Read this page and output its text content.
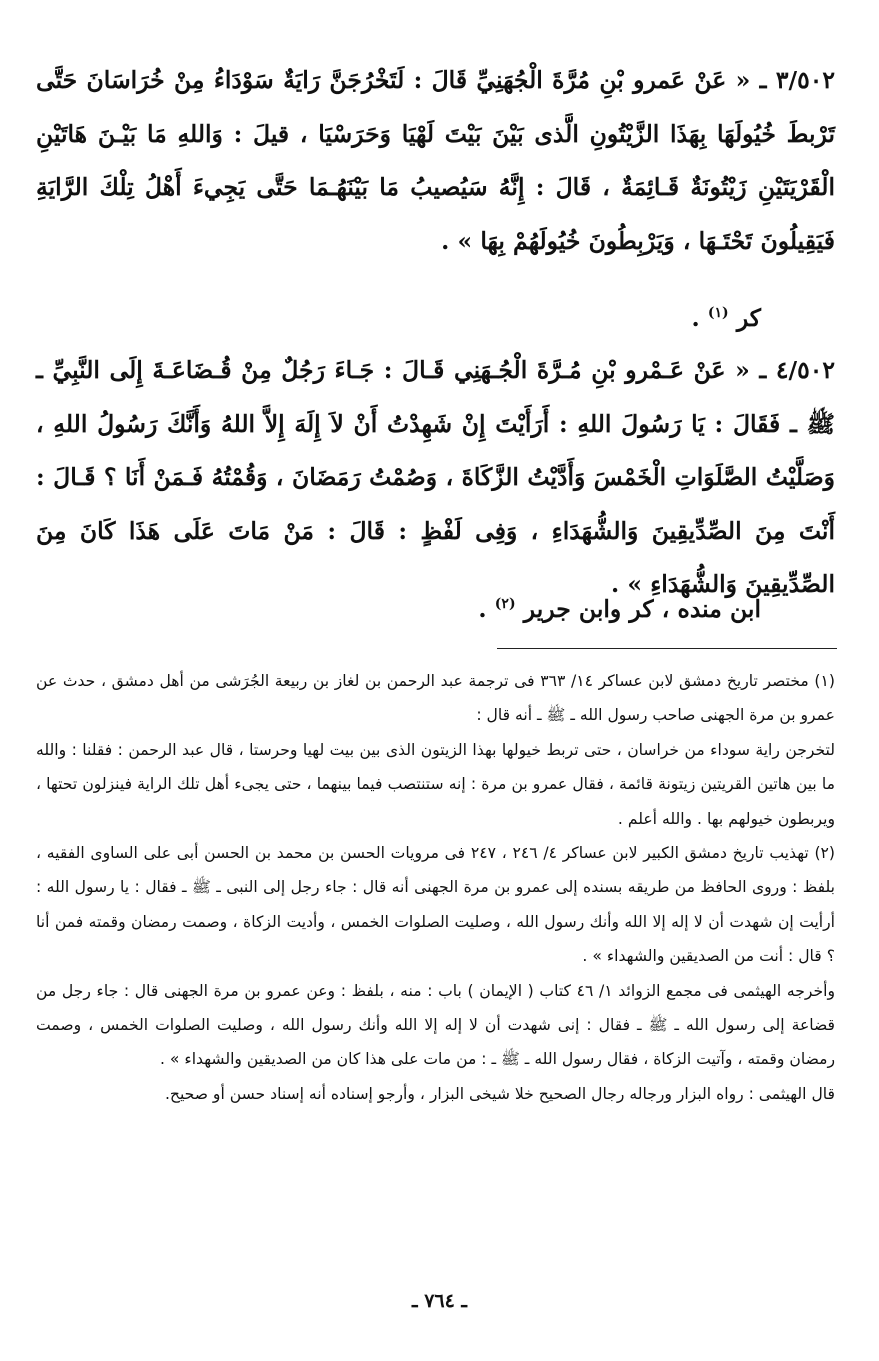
٣/٥٠٢ ـ « عَنْ عَمرو بْنِ مُرَّةَ الْجُهَنِيِّ قَالَ : لَتَخْرُجَنَّ رَايَةٌ سَوْدَاءُ مِنْ خُرَاسَانَ حَتَّى تَرْبطَ خُيُولَهَا بِهَذَا الزَّيْتُونِ الَّذى بَيْنَ بَيْتَ لَهْيَا وَحَرَسْيَا ، قيلَ : وَاللهِ مَا بَيْـنَ هَاتَيْنِ الْقَرْيَتَيْنِ زَيْتُونَةٌ قَـائِمَةٌ ، قَالَ : إِنَّهُ سَيُصيبُ مَا بَيْنَهُـمَا حَتَّى يَجِيءَ أَهْلُ تِلْكَ الرَّايَةِ فَيَقِيلُونَ تَحْتَـهَا ، وَيَرْبِطُونَ خُيُولَهُمْ بِهَا » .

كر $^{(١)}$ .

٤/٥٠٢ ـ « عَنْ عَـمْرو بْنِ مُـرَّةَ الْجُـهَنِي قَـالَ : جَـاءَ رَجُلٌ مِنْ قُـضَاعَـةَ إِلَى النَّبِيِّ ـ ﷺ ـ فَقَالَ : يَا رَسُولَ اللهِ : أَرَأَيْتَ إِنْ شَهِدْتُ أَنْ لاَ إِلَهَ إِلاَّ اللهُ وَأَنَّكَ رَسُولُ اللهِ ، وَصَلَّيْتُ الصَّلَوَاتِ الْخَمْسَ وَأَدَّيْتُ الزَّكَاةَ ، وَصُمْتُ رَمَضَانَ ، وَقُمْتُهُ فَـمَنْ أَنَا ؟ قَـالَ : أَنْتَ مِنَ الصِّدِّيقِينَ وَالشُّهَدَاءِ ، وَفِى لَفْظٍ : قَالَ : مَنْ مَاتَ عَلَى هَذَا كَانَ مِنَ الصِّدِّيقِينَ وَالشُّهَدَاءِ » .

ابن منده ، كر وابن جرير $^{(٢)}$ .

(١) مختصر تاريخ دمشق لابن عساكر ١٤/ ٣٦٣ فى ترجمة عبد الرحمن بن لغاز بن ربيعة الجُرَشى من أهل دمشق ، حدث عن عمرو بن مرة الجهنى صاحب رسول الله ـ ﷺ ـ أنه قال :

لتخرجن راية سوداء من خراسان ، حتى تربط خيولها بهذا الزيتون الذى بين بيت لهيا وحرستا ، قال عبد الرحمن : فقلنا : والله ما بين هاتين القريتين زيتونة قائمة ، فقال عمرو بن مرة : إنه ستنتصب فيما بينهما ، حتى يجىء أهل تلك الراية فينزلون تحتها ، ويربطون خيولهم بها . والله أعلم .

(٢) تهذيب تاريخ دمشق الكبير لابن عساكر ٤/ ٢٤٦ ، ٢٤٧ فى مرويات الحسن بن محمد بن الحسن أبى على الساوى الفقيه ، بلفظ : وروى الحافظ من طريقه بسنده إلى عمرو بن مرة الجهنى أنه قال : جاء رجل إلى النبى ـ ﷺ ـ فقال : يا رسول الله : أرأيت إن شهدت أن لا إله إلا الله وأنك رسول الله ، وصليت الصلوات الخمس ، وأديت الزكاة ، وصمت رمضان وقمته فمن أنا ؟ قال : أنت من الصديقين والشهداء » .

وأخرجه الهيثمى فى مجمع الزوائد ١/ ٤٦ كتاب ( الإيمان ) باب : منه ، بلفظ : وعن عمرو بن مرة الجهنى قال : جاء رجل من قضاعة إلى رسول الله ـ ﷺ ـ فقال : إنى شهدت أن لا إله إلا الله وأنك رسول الله ، وصليت الصلوات الخمس ، وصمت رمضان وقمته ، وآتيت الزكاة ، فقال رسول الله ـ ﷺ ـ : من مات على هذا كان من الصديقين والشهداء » .

قال الهيثمى : رواه البزار ورجاله رجال الصحيح خلا شيخى البزار ، وأرجو إسناده أنه إسناد حسن أو صحيح.

ـ ٧٦٤ ـ
